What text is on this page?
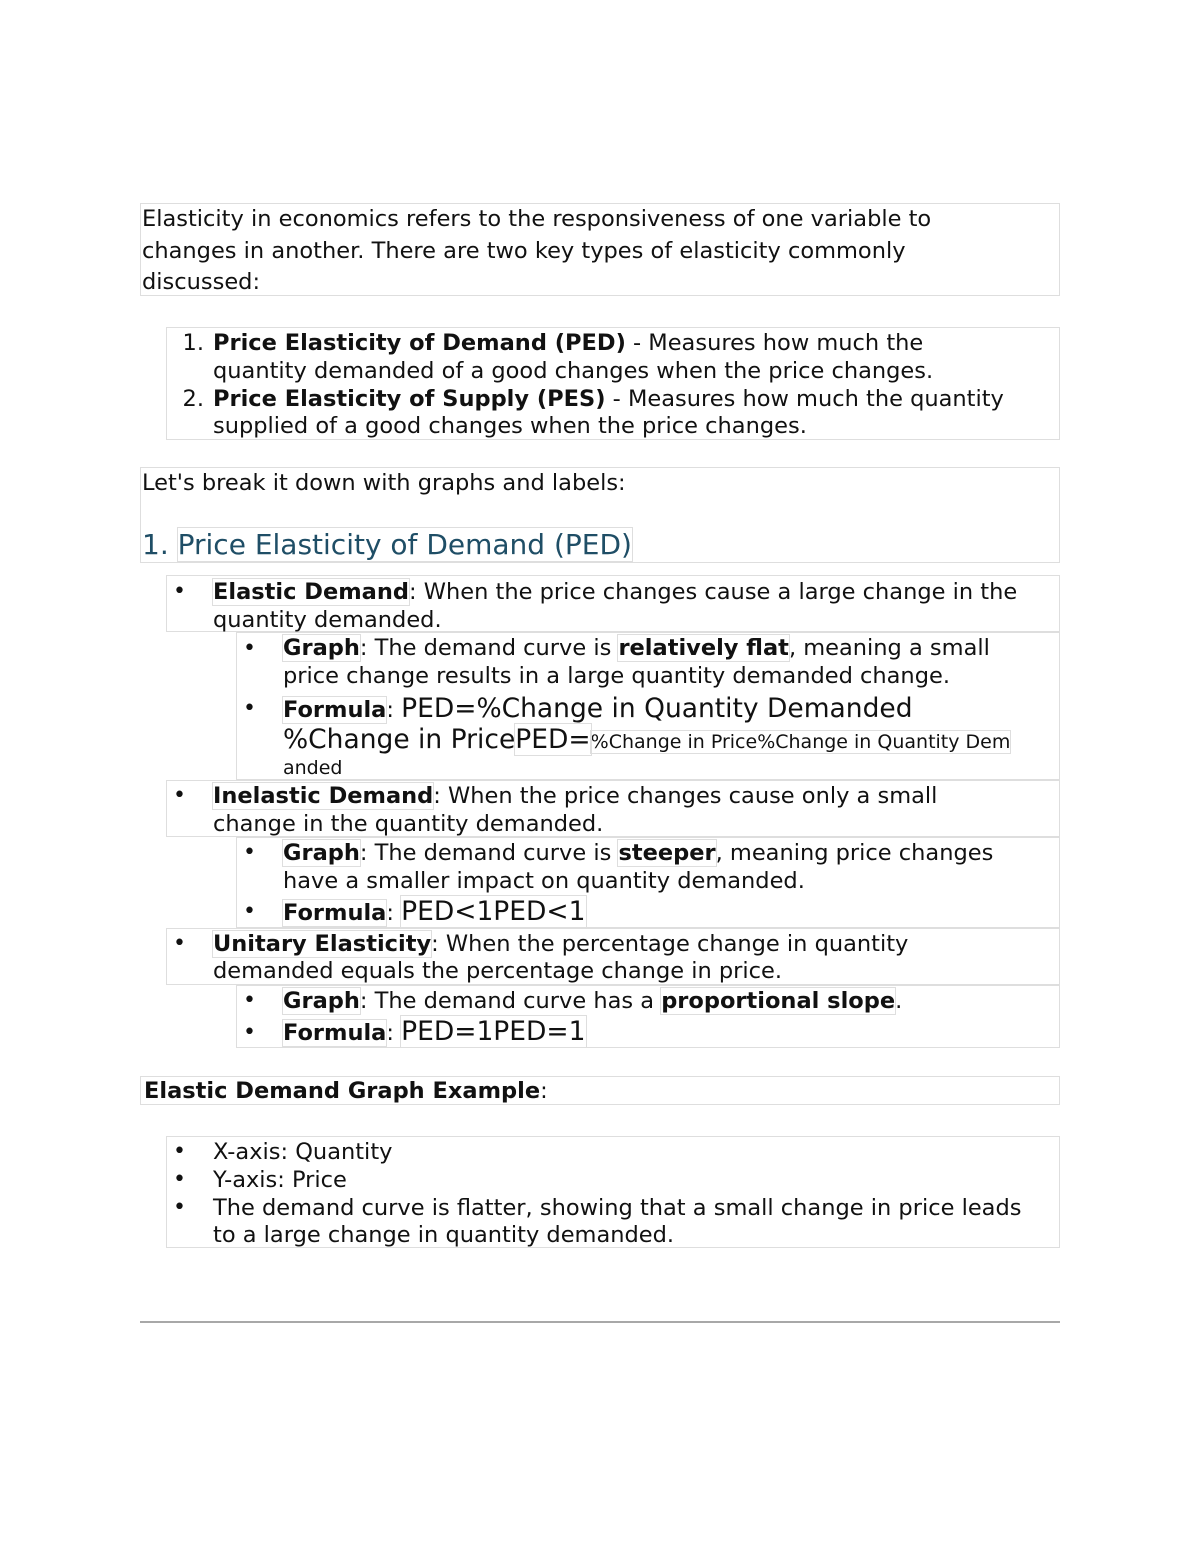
Elasticity in economics refers to the responsiveness of one variable to
changes in another. There are two key types of elasticity commonly
discussed:
1. Price Elasticity of Demand (PED) - Measures how much the
quantity demanded of a good changes when the price changes.
2. Price Elasticity of Supply (PES) - Measures how much the quantity
supplied of a good changes when the price changes.
Let's break it down with graphs and labels:
1. Price Elasticity of Demand (PED)
• Elastic Demand: When the price changes cause a large change in the
quantity demanded.
• Graph: The demand curve is relatively flat, meaning a small
price change results in a large quantity demanded change.
• Formula: PED=%Change in Quantity Demanded
%Change in PricePED=%Change in Price%Change in Quantity Dem
anded
• Inelastic Demand: When the price changes cause only a small
change in the quantity demanded.
• Graph: The demand curve is steeper, meaning price changes
have a smaller impact on quantity demanded.
• Formula: PED<1PED<1
• Unitary Elasticity: When the percentage change in quantity
demanded equals the percentage change in price.
• Graph: The demand curve has a proportional slope.
• Formula: PED=1PED=1
Elastic Demand Graph Example:
• X-axis: Quantity
• Y-axis: Price
• The demand curve is flatter, showing that a small change in price leads
to a large change in quantity demanded.
